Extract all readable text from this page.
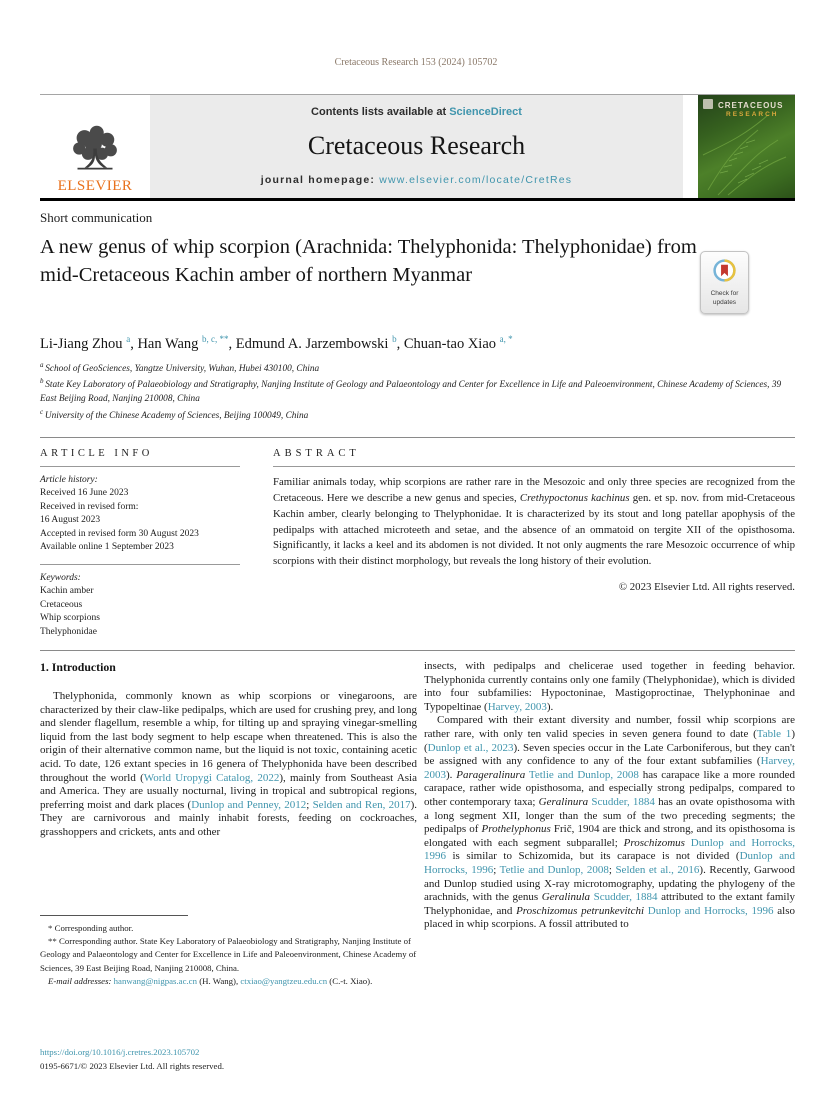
Cretaceous Research 153 (2024) 105702
ELSEVIER
Contents lists available at ScienceDirect
Cretaceous Research
journal homepage: www.elsevier.com/locate/CretRes
CRETACEOUS
RESEARCH
Short communication
A new genus of whip scorpion (Arachnida: Thelyphonida: Thelyphonidae) from mid-Cretaceous Kachin amber of northern Myanmar
Check for
updates
Li-Jiang Zhou $^a$, Han Wang $^{b, c, **}$, Edmund A. Jarzembowski $^b$, Chuan-tao Xiao $^{a, *}$
$^a$ School of GeoSciences, Yangtze University, Wuhan, Hubei 430100, China
$^b$ State Key Laboratory of Palaeobiology and Stratigraphy, Nanjing Institute of Geology and Palaeontology and Center for Excellence in Life and Paleoenvironment, Chinese Academy of Sciences, 39 East Beijing Road, Nanjing 210008, China
$^c$ University of the Chinese Academy of Sciences, Beijing 100049, China
ARTICLE INFO
Article history:
Received 16 June 2023
Received in revised form:
16 August 2023
Accepted in revised form 30 August 2023
Available online 1 September 2023
Keywords:
Kachin amber
Cretaceous
Whip scorpions
Thelyphonidae
ABSTRACT

Familiar animals today, whip scorpions are rather rare in the Mesozoic and only three species are recognized from the Cretaceous. Here we describe a new genus and species, Crethypoctonus kachinus gen. et sp. nov. from mid-Cretaceous Kachin amber, clearly belonging to Thelyphonidae. It is characterized by its stout and long patellar apophysis of the pedipalps with attached microteeth and setae, and the absence of an ommatoid on tergite XII of the opisthosoma. Significantly, it lacks a keel and its abdomen is not divided. It not only augments the rare Mesozoic occurrence of whip scorpions with their distinct morphology, but reveals the long history of their evolution.

© 2023 Elsevier Ltd. All rights reserved.
1. Introduction

Thelyphonida, commonly known as whip scorpions or vinegaroons, are characterized by their claw-like pedipalps, which are used for crushing prey, and long and slender flagellum, resemble a whip, for tilting up and spraying vinegar-smelling liquid from the last body segment to help escape when threatened. This is also the origin of their alternative common name, but the liquid is not toxic, containing acetic acid. To date, 126 extant species in 16 genera of Thelyphonida have been described throughout the world (World Uropygi Catalog, 2022), mainly from Southeast Asia and America. They are usually nocturnal, living in tropical and subtropical regions, preferring moist and dark places (Dunlop and Penney, 2012; Selden and Ren, 2017). They are carnivorous and mainly inhabit forests, feeding on cockroaches, grasshoppers and crickets, ants and other

insects, with pedipalps and chelicerae used together in feeding behavior. Thelyphonida currently contains only one family (Thelyphonidae), which is divided into four subfamilies: Hypoctoninae, Mastigoproctinae, Thelyphoninae and Typopeltinae (Harvey, 2003).

Compared with their extant diversity and number, fossil whip scorpions are rather rare, with only ten valid species in seven genera found to date (Table 1) (Dunlop et al., 2023). Seven species occur in the Late Carboniferous, but they can't be assigned with any confidence to any of the four extant subfamilies (Harvey, 2003). Parageralinura Tetlie and Dunlop, 2008 has carapace like a more rounded carapace, rather wide opisthosoma, and especially strong pedipalps, compared to other contemporary taxa; Geralinura Scudder, 1884 has an ovate opisthosoma with a long segment XII, longer than the sum of the two preceding segments; the pedipalps of Prothelyphonus Frič, 1904 are thick and strong, and its opisthosoma is elongated with each segment subparallel; Proschizomus Dunlop and Horrocks, 1996 is similar to Schizomida, but its carapace is not divided (Dunlop and Horrocks, 1996; Tetlie and Dunlop, 2008; Selden et al., 2016). Recently, Garwood and Dunlop studied using X-ray microtomography, updating the phylogeny of the arachnids, with the genus Geralinula Scudder, 1884 attributed to the extant family Thelyphonidae, and Proschizomus petrunkevitchi Dunlop and Horrocks, 1996 also placed in whip scorpions. A fossil attributed to

* Corresponding author.
** Corresponding author. State Key Laboratory of Palaeobiology and Stratigraphy, Nanjing Institute of Geology and Palaeontology and Center for Excellence in Life and Paleoenvironment, Chinese Academy of Sciences, 39 East Beijing Road, Nanjing 210008, China.
E-mail addresses: hanwang@nigpas.ac.cn (H. Wang), ctxiao@yangtzeu.edu.cn (C.-t. Xiao).
https://doi.org/10.1016/j.cretres.2023.105702
0195-6671/© 2023 Elsevier Ltd. All rights reserved.
